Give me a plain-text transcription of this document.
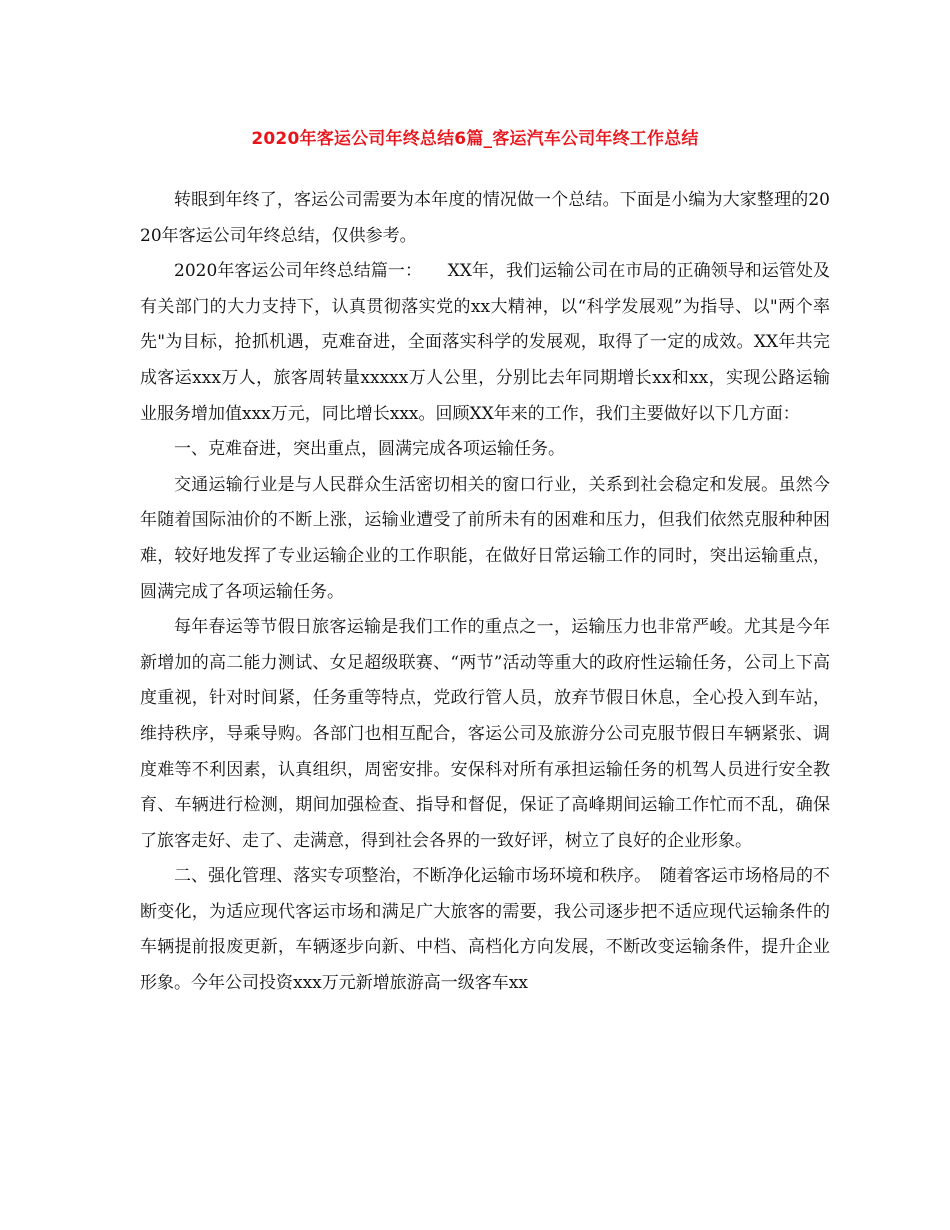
2020年客运公司年终总结6篇_客运汽车公司年终工作总结

转眼到年终了，客运公司需要为本年度的情况做一个总结。下面是小编为大家整理的2020年客运公司年终总结，仅供参考。

2020年客运公司年终总结篇一：　　XX年，我们运输公司在市局的正确领导和运管处及有关部门的大力支持下，认真贯彻落实党的xx大精神，以“科学发展观”为指导、以"两个率先"为目标，抢抓机遇，克难奋进，全面落实科学的发展观，取得了一定的成效。XX年共完成客运xxx万人，旅客周转量xxxxx万人公里，分别比去年同期增长xx和xx，实现公路运输业服务增加值xxx万元，同比增长xxx。回顾XX年来的工作，我们主要做好以下几方面：

一、克难奋进，突出重点，圆满完成各项运输任务。

交通运输行业是与人民群众生活密切相关的窗口行业，关系到社会稳定和发展。虽然今年随着国际油价的不断上涨，运输业遭受了前所未有的困难和压力，但我们依然克服种种困难，较好地发挥了专业运输企业的工作职能，在做好日常运输工作的同时，突出运输重点，圆满完成了各项运输任务。

每年春运等节假日旅客运输是我们工作的重点之一，运输压力也非常严峻。尤其是今年新增加的高二能力测试、女足超级联赛、“两节”活动等重大的政府性运输任务，公司上下高度重视，针对时间紧，任务重等特点，党政行管人员，放弃节假日休息，全心投入到车站，维持秩序，导乘导购。各部门也相互配合，客运公司及旅游分公司克服节假日车辆紧张、调度难等不利因素，认真组织，周密安排。安保科对所有承担运输任务的机驾人员进行安全教育、车辆进行检测，期间加强检查、指导和督促，保证了高峰期间运输工作忙而不乱，确保了旅客走好、走了、走满意，得到社会各界的一致好评，树立了良好的企业形象。

二、强化管理、落实专项整治，不断净化运输市场环境和秩序。　随着客运市场格局的不断变化，为适应现代客运市场和满足广大旅客的需要，我公司逐步把不适应现代运输条件的车辆提前报废更新，车辆逐步向新、中档、高档化方向发展，不断改变运输条件，提升企业形象。今年公司投资xxx万元新增旅游高一级客车xx
